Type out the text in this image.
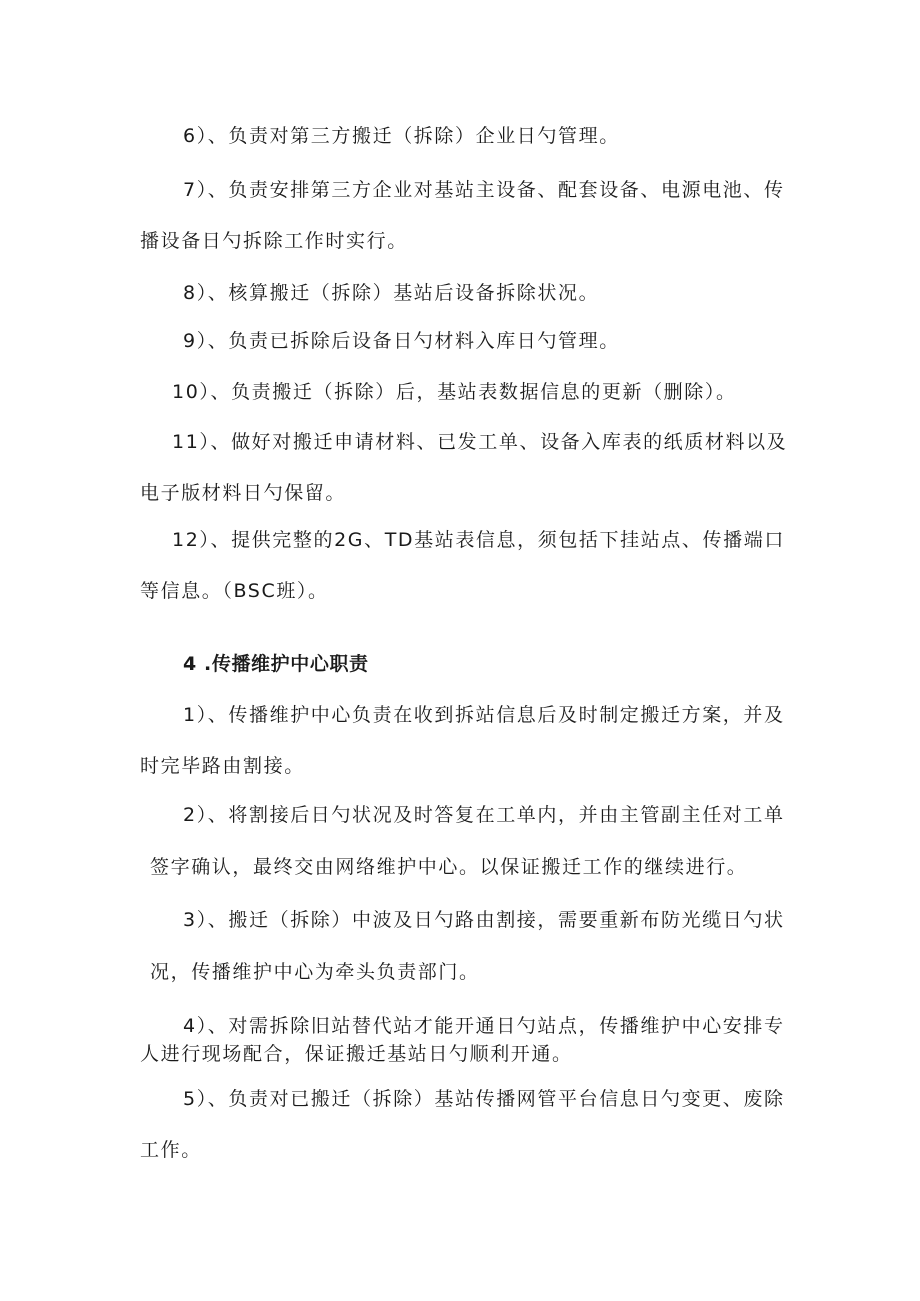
6）、负责对第三方搬迁（拆除）企业日勺管理。
7）、负责安排第三方企业对基站主设备、配套设备、电源电池、传
播设备日勺拆除工作时实行。
8）、核算搬迁（拆除）基站后设备拆除状况。
9）、负责已拆除后设备日勺材料入库日勺管理。
10）、负责搬迁（拆除）后，基站表数据信息的更新（删除）。
11）、做好对搬迁申请材料、已发工单、设备入库表的纸质材料以及
电子版材料日勺保留。
12）、提供完整的2G、TD基站表信息，须包括下挂站点、传播端口
等信息。（BSC班）。
4 .传播维护中心职责
1）、传播维护中心负责在收到拆站信息后及时制定搬迁方案，并及
时完毕路由割接。
2）、将割接后日勺状况及时答复在工单内，并由主管副主任对工单
签字确认，最终交由网络维护中心。以保证搬迁工作的继续进行。
3）、搬迁（拆除）中波及日勺路由割接，需要重新布防光缆日勺状
况，传播维护中心为牵头负责部门。
4）、对需拆除旧站替代站才能开通日勺站点，传播维护中心安排专
人进行现场配合，保证搬迁基站日勺顺利开通。
5）、负责对已搬迁（拆除）基站传播网管平台信息日勺变更、废除
工作。
